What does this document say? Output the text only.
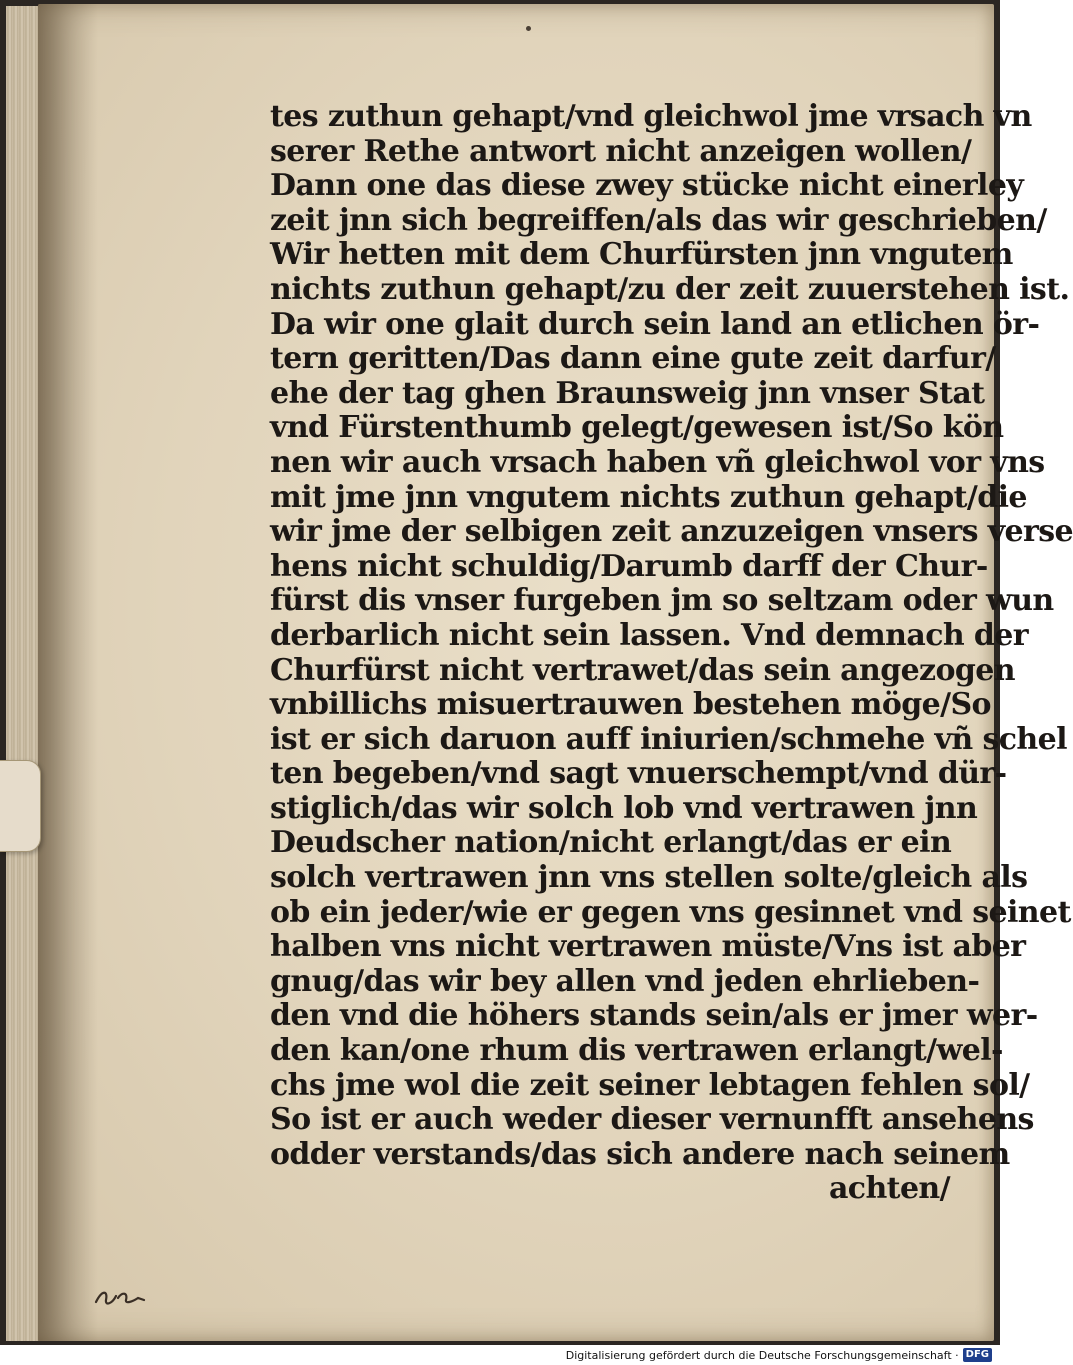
tes zuthun gehapt/vnd gleichwol jme vrsach vn
serer Rethe antwort nicht anzeigen wollen/
Dann one das diese zwey stücke nicht einerley
zeit jnn sich begreiffen/als das wir geschrieben/
Wir hetten mit dem Churfürsten jnn vngutem
nichts zuthun gehapt/zu der zeit zuuerstehen ist.
Da wir one glait durch sein land an etlichen ör-
tern geritten/Das dann eine gute zeit darfur/
ehe der tag ghen Braunsweig jnn vnser Stat
vnd Fürstenthumb gelegt/gewesen ist/So kön
nen wir auch vrsach haben vñ gleichwol vor vns
mit jme jnn vngutem nichts zuthun gehapt/die
wir jme der selbigen zeit anzuzeigen vnsers verse
hens nicht schuldig/Darumb darff der Chur-
fürst dis vnser furgeben jm so seltzam oder wun
derbarlich nicht sein lassen. Vnd demnach der
Churfürst nicht vertrawet/das sein angezogen
vnbillichs misuertrauwen bestehen möge/So
ist er sich daruon auff iniurien/schmehe vñ schel
ten begeben/vnd sagt vnuerschempt/vnd dür-
stiglich/das wir solch lob vnd vertrawen jnn
Deudscher nation/nicht erlangt/das er ein
solch vertrawen jnn vns stellen solte/gleich als
ob ein jeder/wie er gegen vns gesinnet vnd seinet
halben vns nicht vertrawen müste/Vns ist aber
gnug/das wir bey allen vnd jeden ehrlieben-
den vnd die höhers stands sein/als er jmer wer-
den kan/one rhum dis vertrawen erlangt/wel-
chs jme wol die zeit seiner lebtagen fehlen sol/
So ist er auch weder dieser vernunfft ansehens
odder verstands/das sich andere nach seinem
achten/
Digitalisierung gefördert durch die Deutsche Forschungsgemeinschaft · DFG
